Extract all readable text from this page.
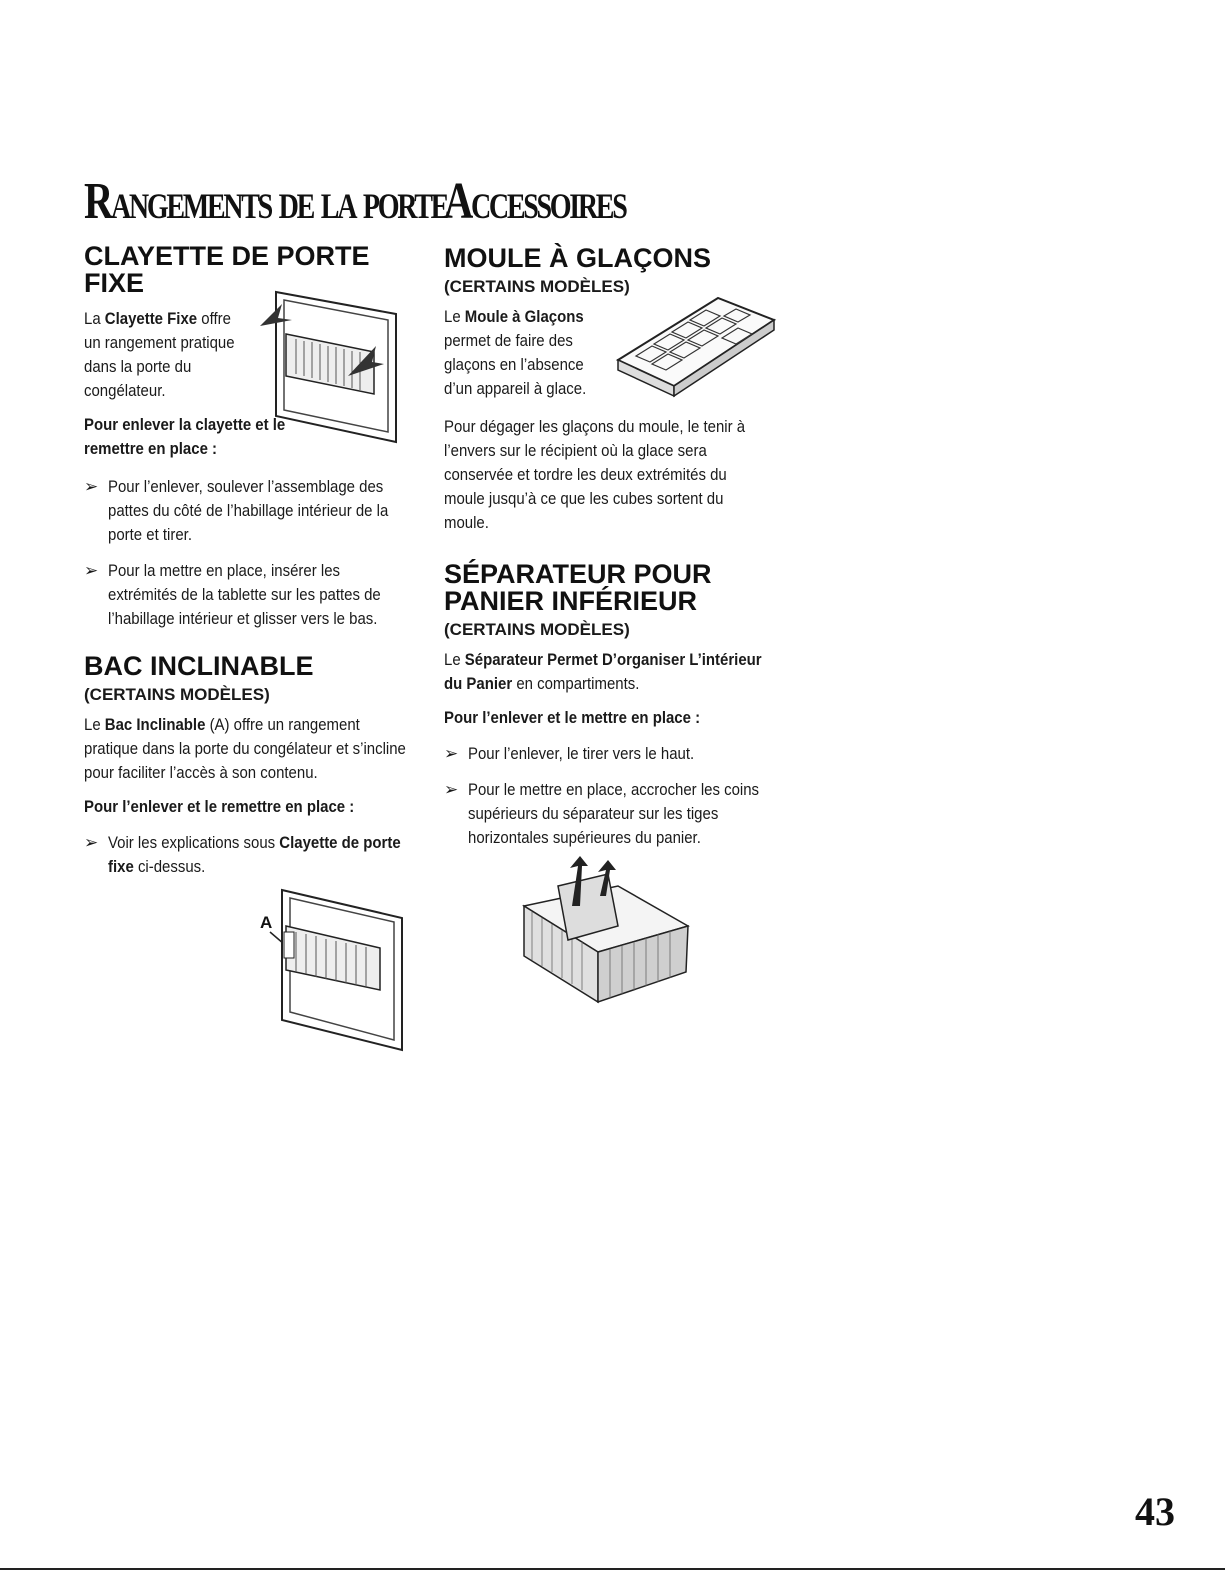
Rangements de la porte
CLAYETTE DE PORTE
FIXE

La Clayette Fixe offre un rangement pratique dans la porte du congélateur.

Pour enlever la clayette et le remettre en place :

➢ Pour l’enlever, soulever l’assemblage des pattes du côté de l’habillage intérieur de la porte et tirer.

➢ Pour la mettre en place, insérer les extrémités de la tablette sur les pattes de l’habillage intérieur et glisser vers le bas.

BAC INCLINABLE
(CERTAINS MODÈLES)

Le Bac Inclinable (A) offre un rangement pratique dans la porte du congélateur et s’incline pour faciliter l’accès à son contenu.

Pour l’enlever et le remettre en place :

➢ Voir les explications sous Clayette de porte fixe ci-dessus.

A
Accessoires
MOULE À GLAÇONS
(CERTAINS MODÈLES)

Le Moule à Glaçons permet de faire des glaçons en l’absence d’un appareil à glace.

Pour dégager les glaçons du moule, le tenir à l’envers sur le récipient où la glace sera conservée et tordre les deux extrémités du moule jusqu’à ce que les cubes sortent du moule.

SÉPARATEUR POUR
PANIER INFÉRIEUR
(CERTAINS MODÈLES)

Le Séparateur Permet D’organiser L’intérieur du Panier en compartiments.

Pour l’enlever et le mettre en place :

➢ Pour l’enlever, le tirer vers le haut.

➢ Pour le mettre en place, accrocher les coins supérieurs du séparateur sur les tiges horizontales supérieures du panier.

43
